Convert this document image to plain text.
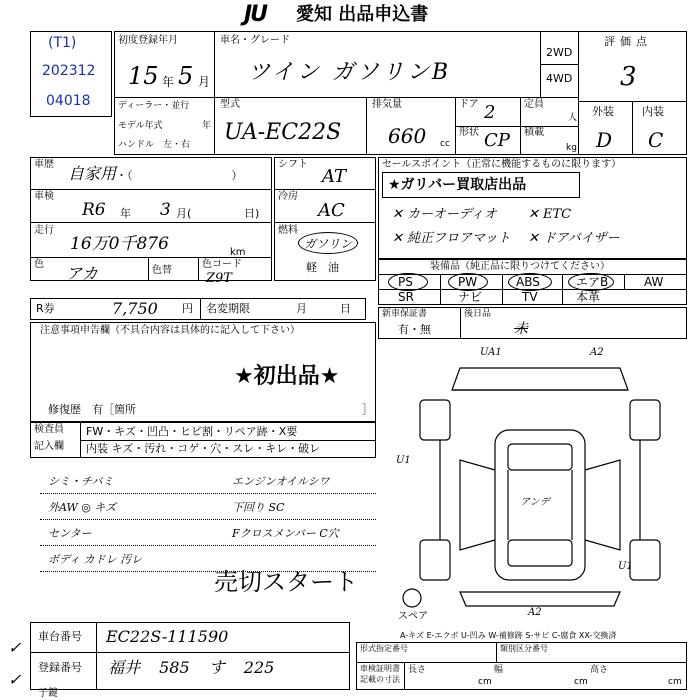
JU 愛知 出品申込書
(T1)
202312
04018
初度登録年月
15 年 5 月
車名・グレード
ツイン ガソリンB
2WD
4WD
評価点
3
外装	内装
D C
ディーラー・並行
モデル年式	年
ハンドル　左・右
型式
UA-EC22S
排気量
660 cc
ドア 2	定員
人
形状 CP 積載
kg
車歴 自家用 ・（　　　　　　　　　）
車検
R6 年 3 月(	日)
走行
16万0千876	km
色 アカ	色替
色コード
Z9T
シフト
AT
冷房
AC
燃料
ガソリン
軽　油
セールスポイント（正常に機能するものに限ります）
★ガリバー買取店出品
✕ カーオーディオ ✕ ETC
✕ 純正フロアマット ✕ ドアバイザー
装備品（純正品に限りつけてください）
PS	PW	ABS	エアB	AW
SR	ナビ	TV	本革
R券	7,750 円 名変期限	月	日	新車保証書
有・無
後日品
未
注意事項申告欄（不具合内容は具体的に記入して下さい）
★初出品★
修復歴　有［箇所	］
検査員
記入欄
FW・キズ・凹凸・ヒビ割・リペア跡・X要
内装 キズ・汚れ・コゲ・穴・スレ・キレ・破レ
シミ・チバミ	エンジンオイルシワ
外AW ◎ キズ	下回り SC
センター	Fクロスメンバー C穴
ボディ カドレ 汚レ
売切スタート
UA1	A2
U1
アンデ
U1
A2
スペア
A-キズ E-エクボ U-凹み W-補修跡 S-サビ C-腐食 XX-交換済
車台番号 EC22S-111590
登録番号 福井 585 す 225
子鍵
✓
✓
形式指定番号	類別区分番号
車検証明書
記載の寸法
長さ
cm
幅
cm
高さ
cm
